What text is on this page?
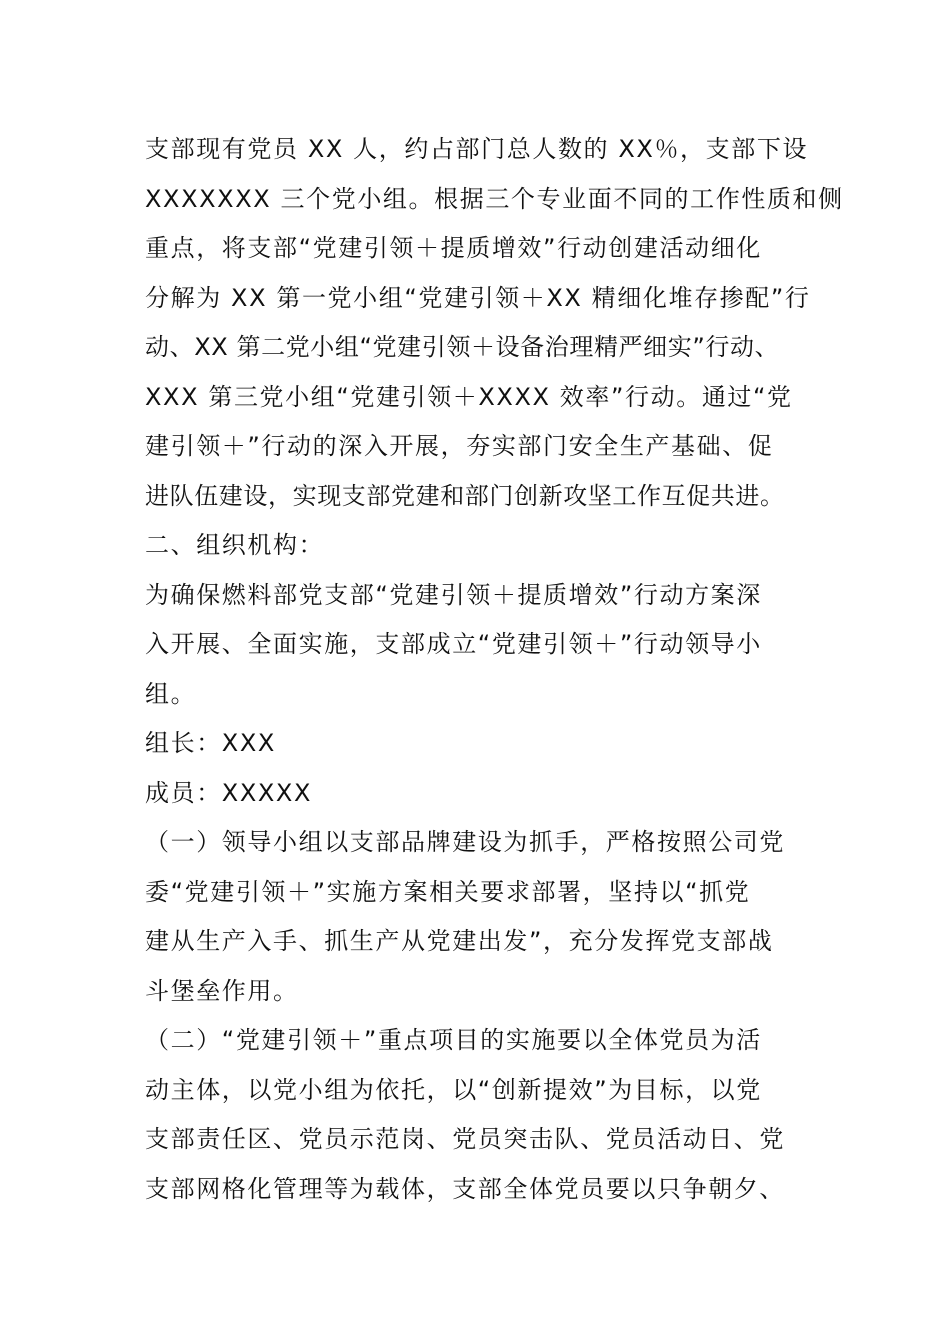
支部现有党员 XX 人，约占部门总人数的 XX％，支部下设
XXXXXXX 三个党小组。根据三个专业面不同的工作性质和侧
重点，将支部“党建引领＋提质增效”行动创建活动细化
分解为 XX 第一党小组“党建引领＋XX 精细化堆存掺配”行
动、XX 第二党小组“党建引领＋设备治理精严细实”行动、
XXX 第三党小组“党建引领＋XXXX 效率”行动。通过“党
建引领＋”行动的深入开展，夯实部门安全生产基础、促
进队伍建设，实现支部党建和部门创新攻坚工作互促共进。
二、组织机构：
为确保燃料部党支部“党建引领＋提质增效”行动方案深
入开展、全面实施，支部成立“党建引领＋”行动领导小
组。
组长：XXX
成员：XXXXX
（一）领导小组以支部品牌建设为抓手，严格按照公司党
委“党建引领＋”实施方案相关要求部署，坚持以“抓党
建从生产入手、抓生产从党建出发”，充分发挥党支部战
斗堡垒作用。
（二）“党建引领＋”重点项目的实施要以全体党员为活
动主体，以党小组为依托，以“创新提效”为目标，以党
支部责任区、党员示范岗、党员突击队、党员活动日、党
支部网格化管理等为载体，支部全体党员要以只争朝夕、
